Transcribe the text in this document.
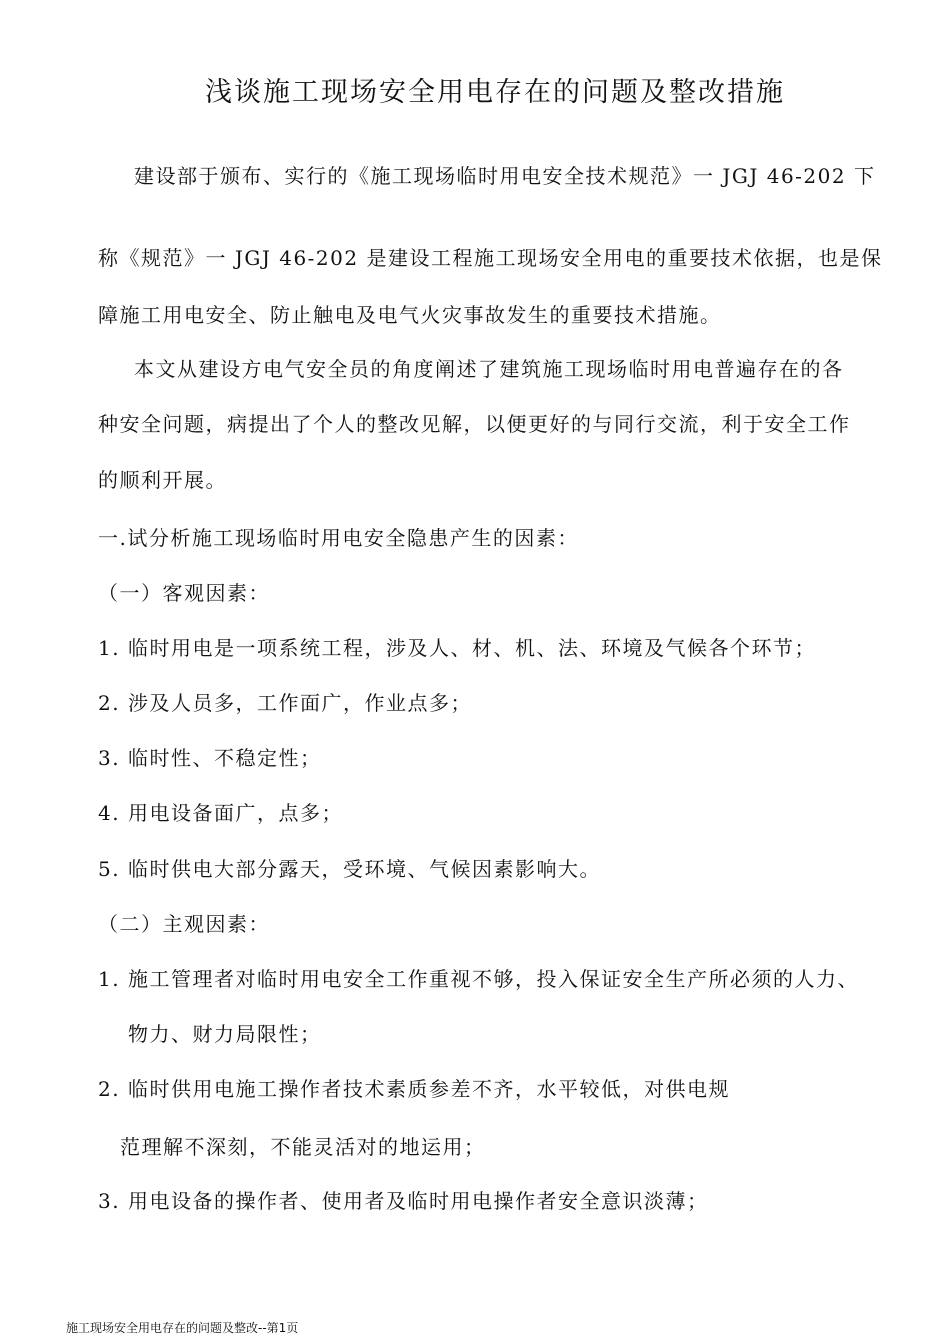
浅谈施工现场安全用电存在的问题及整改措施
建设部于颁布、实行的《施工现场临时用电安全技术规范》一 JGJ 46-202 下
称《规范》一 JGJ 46-202 是建设工程施工现场安全用电的重要技术依据，也是保
障施工用电安全、防止触电及电气火灾事故发生的重要技术措施。
本文从建设方电气安全员的角度阐述了建筑施工现场临时用电普遍存在的各
种安全问题，病提出了个人的整改见解，以便更好的与同行交流，利于安全工作
的顺利开展。
一.试分析施工现场临时用电安全隐患产生的因素：
（一）客观因素：
1. 临时用电是一项系统工程，涉及人、材、机、法、环境及气候各个环节；
2. 涉及人员多，工作面广，作业点多；
3. 临时性、不稳定性；
4. 用电设备面广，点多；
5. 临时供电大部分露天，受环境、气候因素影响大。
（二）主观因素：
1. 施工管理者对临时用电安全工作重视不够，投入保证安全生产所必须的人力、
物力、财力局限性；
2. 临时供用电施工操作者技术素质参差不齐，水平较低，对供电规
范理解不深刻，不能灵活对的地运用；
3. 用电设备的操作者、使用者及临时用电操作者安全意识淡薄；
施工现场安全用电存在的问题及整改--第1页
